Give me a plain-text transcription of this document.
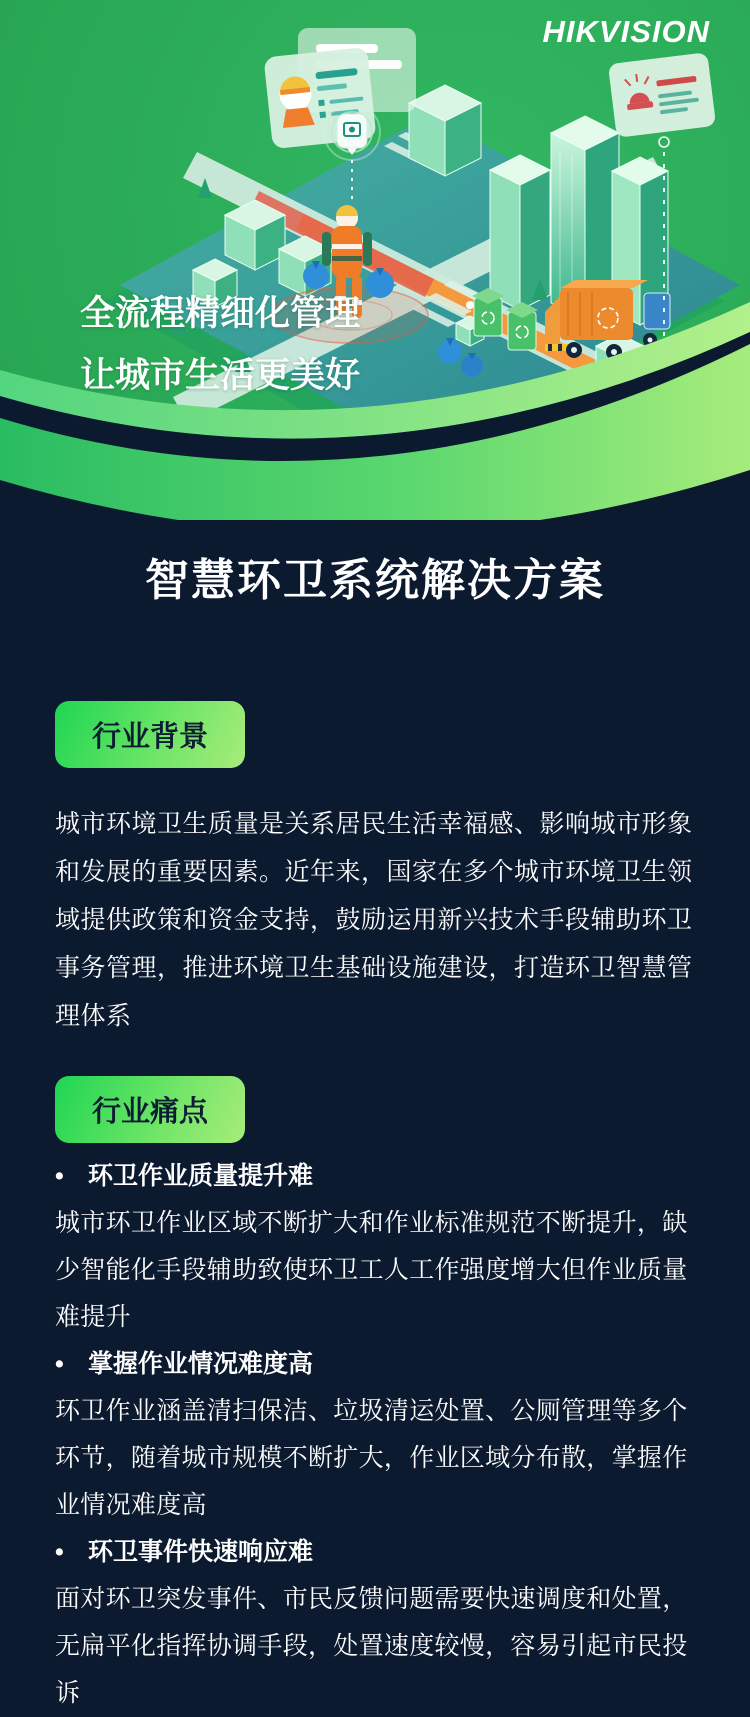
HIKVISION
全流程精细化管理
让城市生活更美好
智慧环卫系统解决方案
行业背景

城市环境卫生质量是关系居民生活幸福感、影响城市形象和发展的重要因素。近年来，国家在多个城市环境卫生领域提供政策和资金支持，鼓励运用新兴技术手段辅助环卫事务管理，推进环境卫生基础设施建设，打造环卫智慧管理体系

行业痛点
• 环卫作业质量提升难
城市环卫作业区域不断扩大和作业标准规范不断提升，缺少智能化手段辅助致使环卫工人工作强度增大但作业质量难提升
• 掌握作业情况难度高
环卫作业涵盖清扫保洁、垃圾清运处置、公厕管理等多个环节，随着城市规模不断扩大，作业区域分布散，掌握作业情况难度高
• 环卫事件快速响应难
面对环卫突发事件、市民反馈问题需要快速调度和处置，无扁平化指挥协调手段，处置速度较慢，容易引起市民投诉
